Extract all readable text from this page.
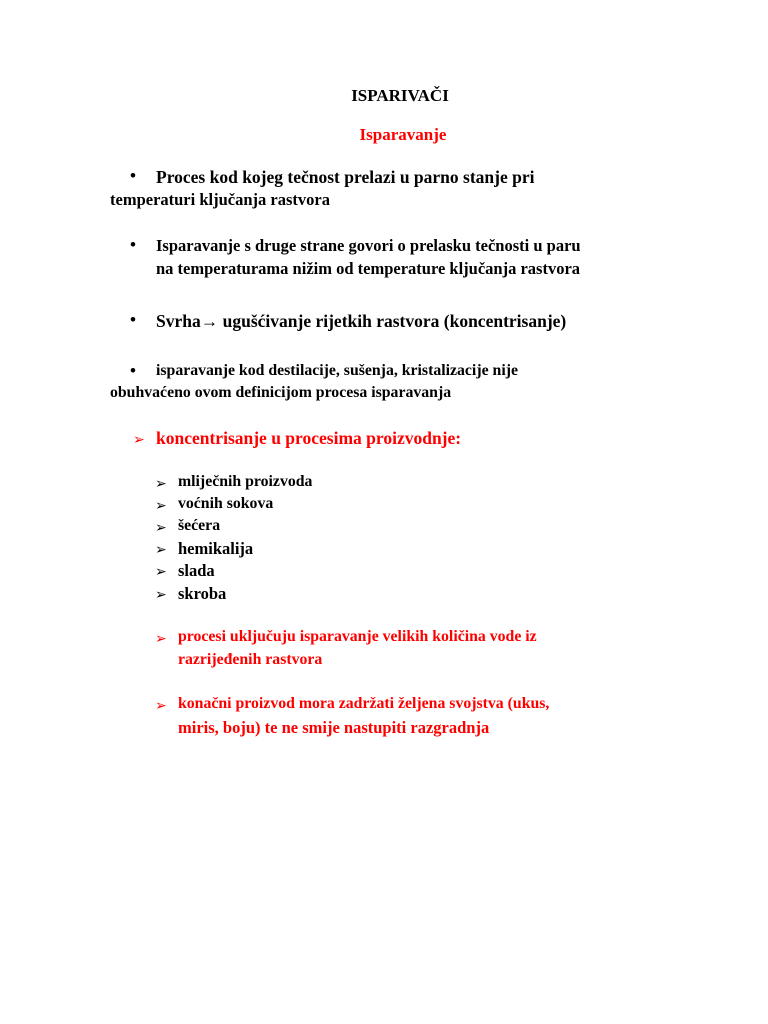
ISPARIVAČI

Isparavanje

• Proces kod kojeg tečnost prelazi u parno stanje pri

temperaturi ključanja rastvora

• Isparavanje s druge strane govori o prelasku tečnosti u paru

na temperaturama nižim od temperature ključanja rastvora

• Svrha→ ugušćivanje rijetkih rastvora (koncentrisanje)

• isparavanje kod destilacije, sušenja, kristalizacije nije

obuhvaćeno ovom definicijom procesa isparavanja

➢ koncentrisanje u procesima proizvodnje:

➢ mliječnih proizvoda

➢ voćnih sokova

➢ šećera

➢ hemikalija

➢ slada

➢ skroba

➢ procesi uključuju isparavanje velikih količina vode iz

razrijeđenih rastvora

➢ konačni proizvod mora zadržati željena svojstva (ukus,

miris, boju) te ne smije nastupiti razgradnja
